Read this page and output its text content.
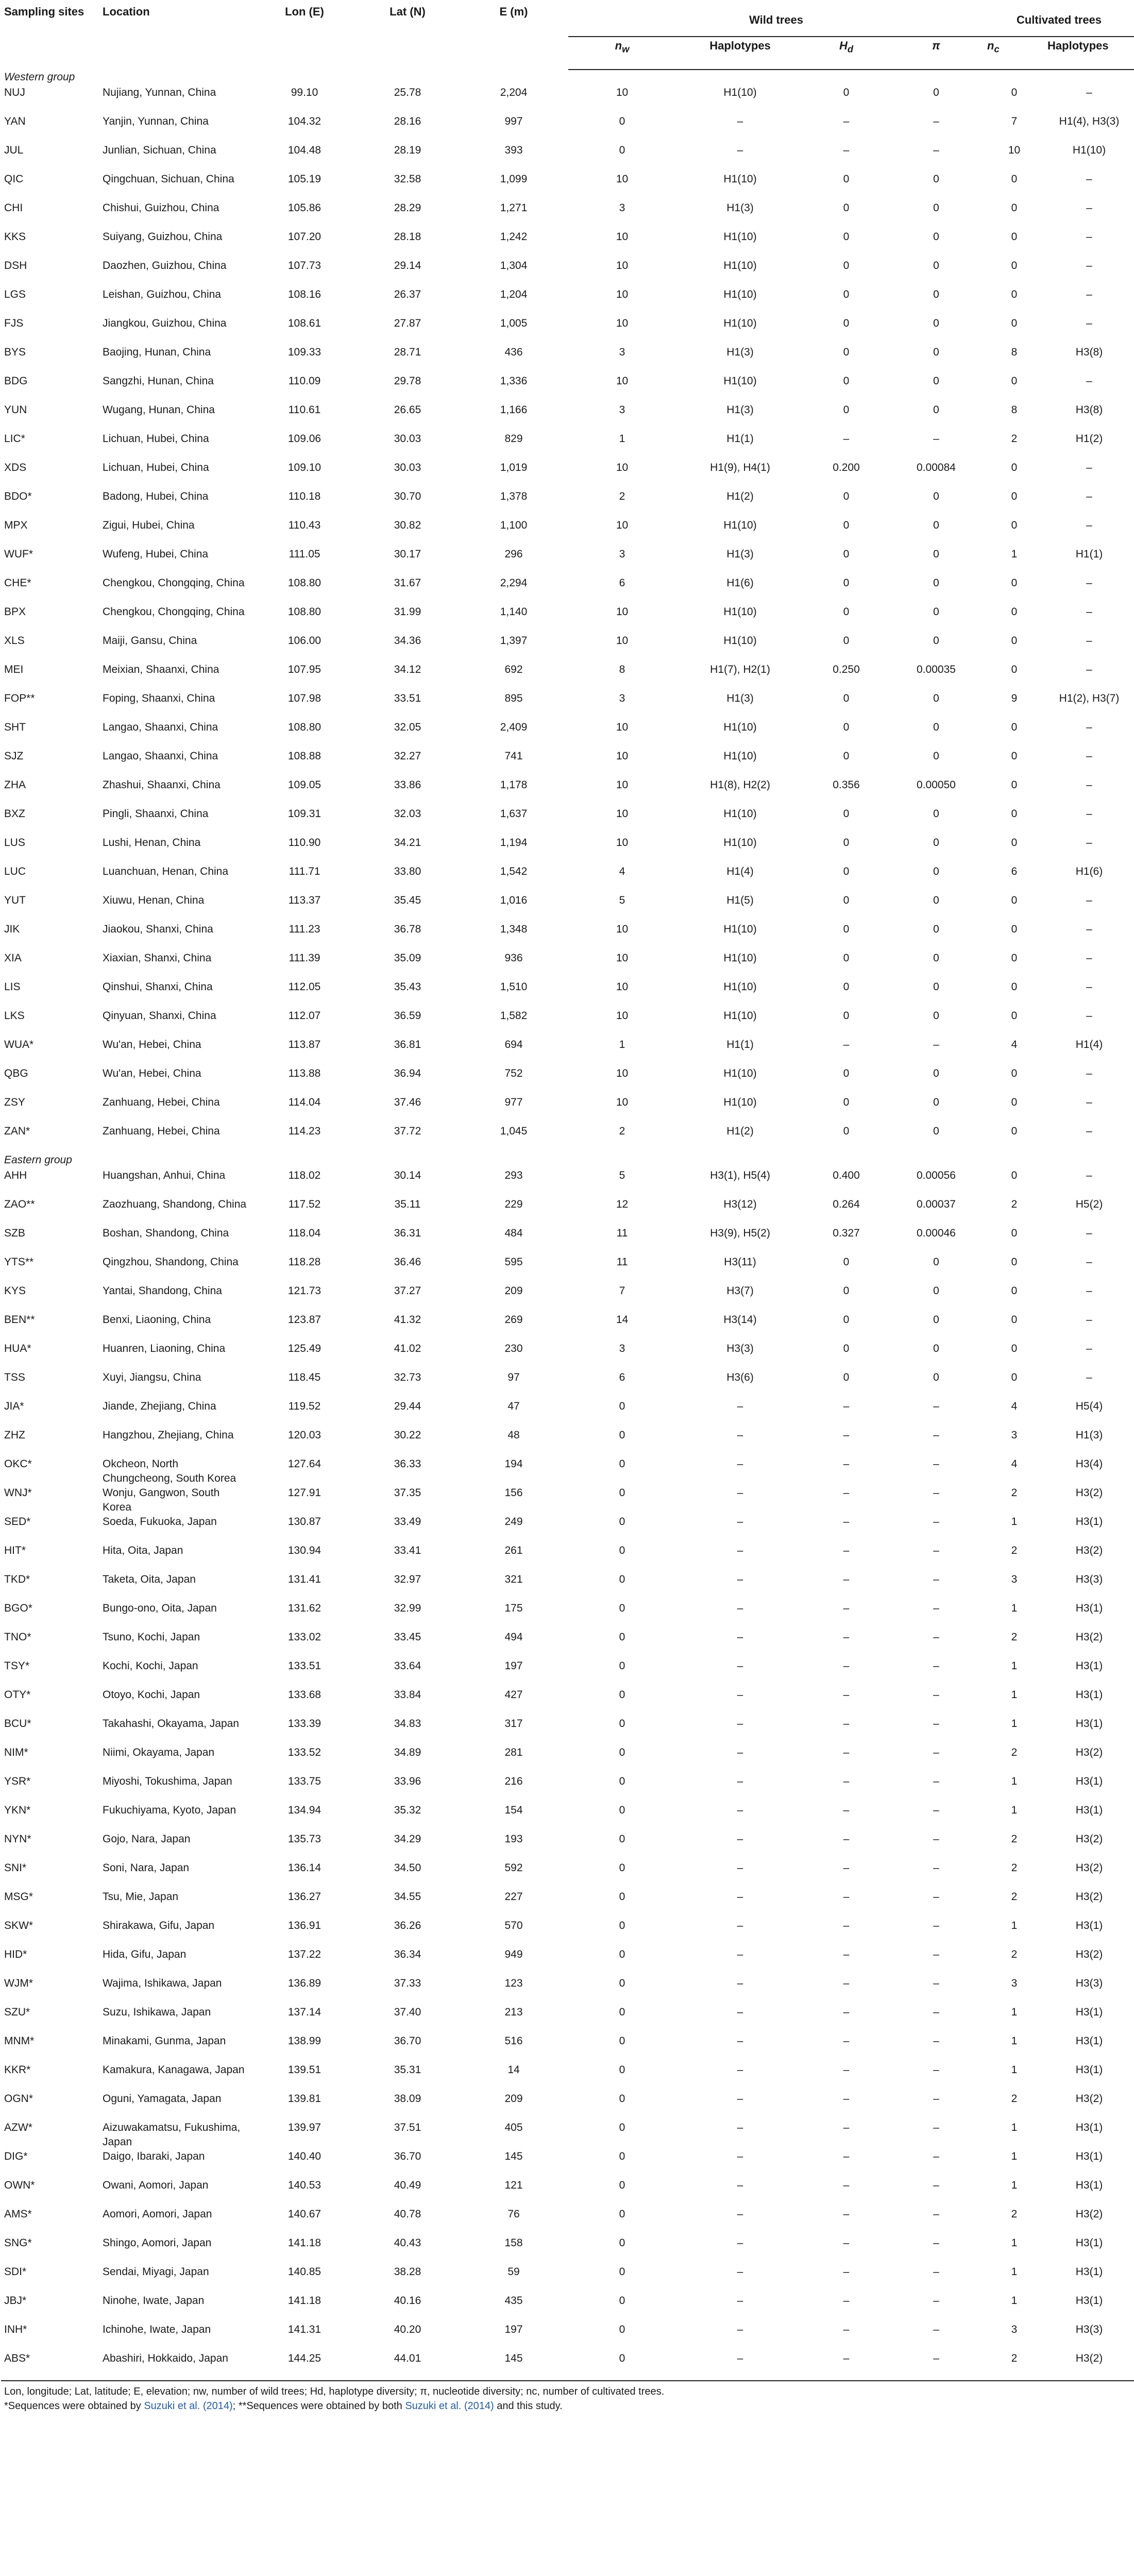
Sampling sites	Location	Lon (E)	Lat (N)	E (m)	Wild trees				Cultivated trees	
					$n_w$	Haplotypes	$H_d$	π	$n_c$	Haplotypes
Western group										
NUJ	Nujiang, Yunnan, China	99.10	25.78	2,204	10	H1(10)	0	0	0	–
YAN	Yanjin, Yunnan, China	104.32	28.16	997	0	–	–	–	7	H1(4), H3(3)
JUL	Junlian, Sichuan, China	104.48	28.19	393	0	–	–	–	10	H1(10)
QIC	Qingchuan, Sichuan, China	105.19	32.58	1,099	10	H1(10)	0	0	0	–
CHI	Chishui, Guizhou, China	105.86	28.29	1,271	3	H1(3)	0	0	0	–
KKS	Suiyang, Guizhou, China	107.20	28.18	1,242	10	H1(10)	0	0	0	–
DSH	Daozhen, Guizhou, China	107.73	29.14	1,304	10	H1(10)	0	0	0	–
LGS	Leishan, Guizhou, China	108.16	26.37	1,204	10	H1(10)	0	0	0	–
FJS	Jiangkou, Guizhou, China	108.61	27.87	1,005	10	H1(10)	0	0	0	–
BYS	Baojing, Hunan, China	109.33	28.71	436	3	H1(3)	0	0	8	H3(8)
BDG	Sangzhi, Hunan, China	110.09	29.78	1,336	10	H1(10)	0	0	0	–
YUN	Wugang, Hunan, China	110.61	26.65	1,166	3	H1(3)	0	0	8	H3(8)
LIC*	Lichuan, Hubei, China	109.06	30.03	829	1	H1(1)	–	–	2	H1(2)
XDS	Lichuan, Hubei, China	109.10	30.03	1,019	10	H1(9), H4(1)	0.200	0.00084	0	–
BDO*	Badong, Hubei, China	110.18	30.70	1,378	2	H1(2)	0	0	0	–
MPX	Zigui, Hubei, China	110.43	30.82	1,100	10	H1(10)	0	0	0	–
WUF*	Wufeng, Hubei, China	111.05	30.17	296	3	H1(3)	0	0	1	H1(1)
CHE*	Chengkou, Chongqing, China	108.80	31.67	2,294	6	H1(6)	0	0	0	–
BPX	Chengkou, Chongqing, China	108.80	31.99	1,140	10	H1(10)	0	0	0	–
XLS	Maiji, Gansu, China	106.00	34.36	1,397	10	H1(10)	0	0	0	–
MEI	Meixian, Shaanxi, China	107.95	34.12	692	8	H1(7), H2(1)	0.250	0.00035	0	–
FOP**	Foping, Shaanxi, China	107.98	33.51	895	3	H1(3)	0	0	9	H1(2), H3(7)
SHT	Langao, Shaanxi, China	108.80	32.05	2,409	10	H1(10)	0	0	0	–
SJZ	Langao, Shaanxi, China	108.88	32.27	741	10	H1(10)	0	0	0	–
ZHA	Zhashui, Shaanxi, China	109.05	33.86	1,178	10	H1(8), H2(2)	0.356	0.00050	0	–
BXZ	Pingli, Shaanxi, China	109.31	32.03	1,637	10	H1(10)	0	0	0	–
LUS	Lushi, Henan, China	110.90	34.21	1,194	10	H1(10)	0	0	0	–
LUC	Luanchuan, Henan, China	111.71	33.80	1,542	4	H1(4)	0	0	6	H1(6)
YUT	Xiuwu, Henan, China	113.37	35.45	1,016	5	H1(5)	0	0	0	–
JIK	Jiaokou, Shanxi, China	111.23	36.78	1,348	10	H1(10)	0	0	0	–
XIA	Xiaxian, Shanxi, China	111.39	35.09	936	10	H1(10)	0	0	0	–
LIS	Qinshui, Shanxi, China	112.05	35.43	1,510	10	H1(10)	0	0	0	–
LKS	Qinyuan, Shanxi, China	112.07	36.59	1,582	10	H1(10)	0	0	0	–
WUA*	Wu'an, Hebei, China	113.87	36.81	694	1	H1(1)	–	–	4	H1(4)
QBG	Wu'an, Hebei, China	113.88	36.94	752	10	H1(10)	0	0	0	–
ZSY	Zanhuang, Hebei, China	114.04	37.46	977	10	H1(10)	0	0	0	–
ZAN*	Zanhuang, Hebei, China	114.23	37.72	1,045	2	H1(2)	0	0	0	–
Eastern group										
AHH	Huangshan, Anhui, China	118.02	30.14	293	5	H3(1), H5(4)	0.400	0.00056	0	–
ZAO**	Zaozhuang, Shandong, China	117.52	35.11	229	12	H3(12)	0.264	0.00037	2	H5(2)
SZB	Boshan, Shandong, China	118.04	36.31	484	11	H3(9), H5(2)	0.327	0.00046	0	–
YTS**	Qingzhou, Shandong, China	118.28	36.46	595	11	H3(11)	0	0	0	–
KYS	Yantai, Shandong, China	121.73	37.27	209	7	H3(7)	0	0	0	–
BEN**	Benxi, Liaoning, China	123.87	41.32	269	14	H3(14)	0	0	0	–
HUA*	Huanren, Liaoning, China	125.49	41.02	230	3	H3(3)	0	0	0	–
TSS	Xuyi, Jiangsu, China	118.45	32.73	97	6	H3(6)	0	0	0	–
JIA*	Jiande, Zhejiang, China	119.52	29.44	47	0	–	–	–	4	H5(4)
ZHZ	Hangzhou, Zhejiang, China	120.03	30.22	48	0	–	–	–	3	H1(3)
OKC*	Okcheon, North Chungcheong, South Korea	127.64	36.33	194	0	–	–	–	4	H3(4)
WNJ*	Wonju, Gangwon, South Korea	127.91	37.35	156	0	–	–	–	2	H3(2)
SED*	Soeda, Fukuoka, Japan	130.87	33.49	249	0	–	–	–	1	H3(1)
HIT*	Hita, Oita, Japan	130.94	33.41	261	0	–	–	–	2	H3(2)
TKD*	Taketa, Oita, Japan	131.41	32.97	321	0	–	–	–	3	H3(3)
BGO*	Bungo-ono, Oita, Japan	131.62	32.99	175	0	–	–	–	1	H3(1)
TNO*	Tsuno, Kochi, Japan	133.02	33.45	494	0	–	–	–	2	H3(2)
TSY*	Kochi, Kochi, Japan	133.51	33.64	197	0	–	–	–	1	H3(1)
OTY*	Otoyo, Kochi, Japan	133.68	33.84	427	0	–	–	–	1	H3(1)
BCU*	Takahashi, Okayama, Japan	133.39	34.83	317	0	–	–	–	1	H3(1)
NIM*	Niimi, Okayama, Japan	133.52	34.89	281	0	–	–	–	2	H3(2)
YSR*	Miyoshi, Tokushima, Japan	133.75	33.96	216	0	–	–	–	1	H3(1)
YKN*	Fukuchiyama, Kyoto, Japan	134.94	35.32	154	0	–	–	–	1	H3(1)
NYN*	Gojo, Nara, Japan	135.73	34.29	193	0	–	–	–	2	H3(2)
SNI*	Soni, Nara, Japan	136.14	34.50	592	0	–	–	–	2	H3(2)
MSG*	Tsu, Mie, Japan	136.27	34.55	227	0	–	–	–	2	H3(2)
SKW*	Shirakawa, Gifu, Japan	136.91	36.26	570	0	–	–	–	1	H3(1)
HID*	Hida, Gifu, Japan	137.22	36.34	949	0	–	–	–	2	H3(2)
WJM*	Wajima, Ishikawa, Japan	136.89	37.33	123	0	–	–	–	3	H3(3)
SZU*	Suzu, Ishikawa, Japan	137.14	37.40	213	0	–	–	–	1	H3(1)
MNM*	Minakami, Gunma, Japan	138.99	36.70	516	0	–	–	–	1	H3(1)
KKR*	Kamakura, Kanagawa, Japan	139.51	35.31	14	0	–	–	–	1	H3(1)
OGN*	Oguni, Yamagata, Japan	139.81	38.09	209	0	–	–	–	2	H3(2)
AZW*	Aizuwakamatsu, Fukushima, Japan	139.97	37.51	405	0	–	–	–	1	H3(1)
DIG*	Daigo, Ibaraki, Japan	140.40	36.70	145	0	–	–	–	1	H3(1)
OWN*	Owani, Aomori, Japan	140.53	40.49	121	0	–	–	–	1	H3(1)
AMS*	Aomori, Aomori, Japan	140.67	40.78	76	0	–	–	–	2	H3(2)
SNG*	Shingo, Aomori, Japan	141.18	40.43	158	0	–	–	–	1	H3(1)
SDI*	Sendai, Miyagi, Japan	140.85	38.28	59	0	–	–	–	1	H3(1)
JBJ*	Ninohe, Iwate, Japan	141.18	40.16	435	0	–	–	–	1	H3(1)
INH*	Ichinohe, Iwate, Japan	141.31	40.20	197	0	–	–	–	3	H3(3)
ABS*	Abashiri, Hokkaido, Japan	144.25	44.01	145	0	–	–	–	2	H3(2)

Lon, longitude; Lat, latitude; E, elevation; nw, number of wild trees; Hd, haplotype diversity; π, nucleotide diversity; nc, number of cultivated trees.
*Sequences were obtained by Suzuki et al. (2014); **Sequences were obtained by both Suzuki et al. (2014) and this study.										
